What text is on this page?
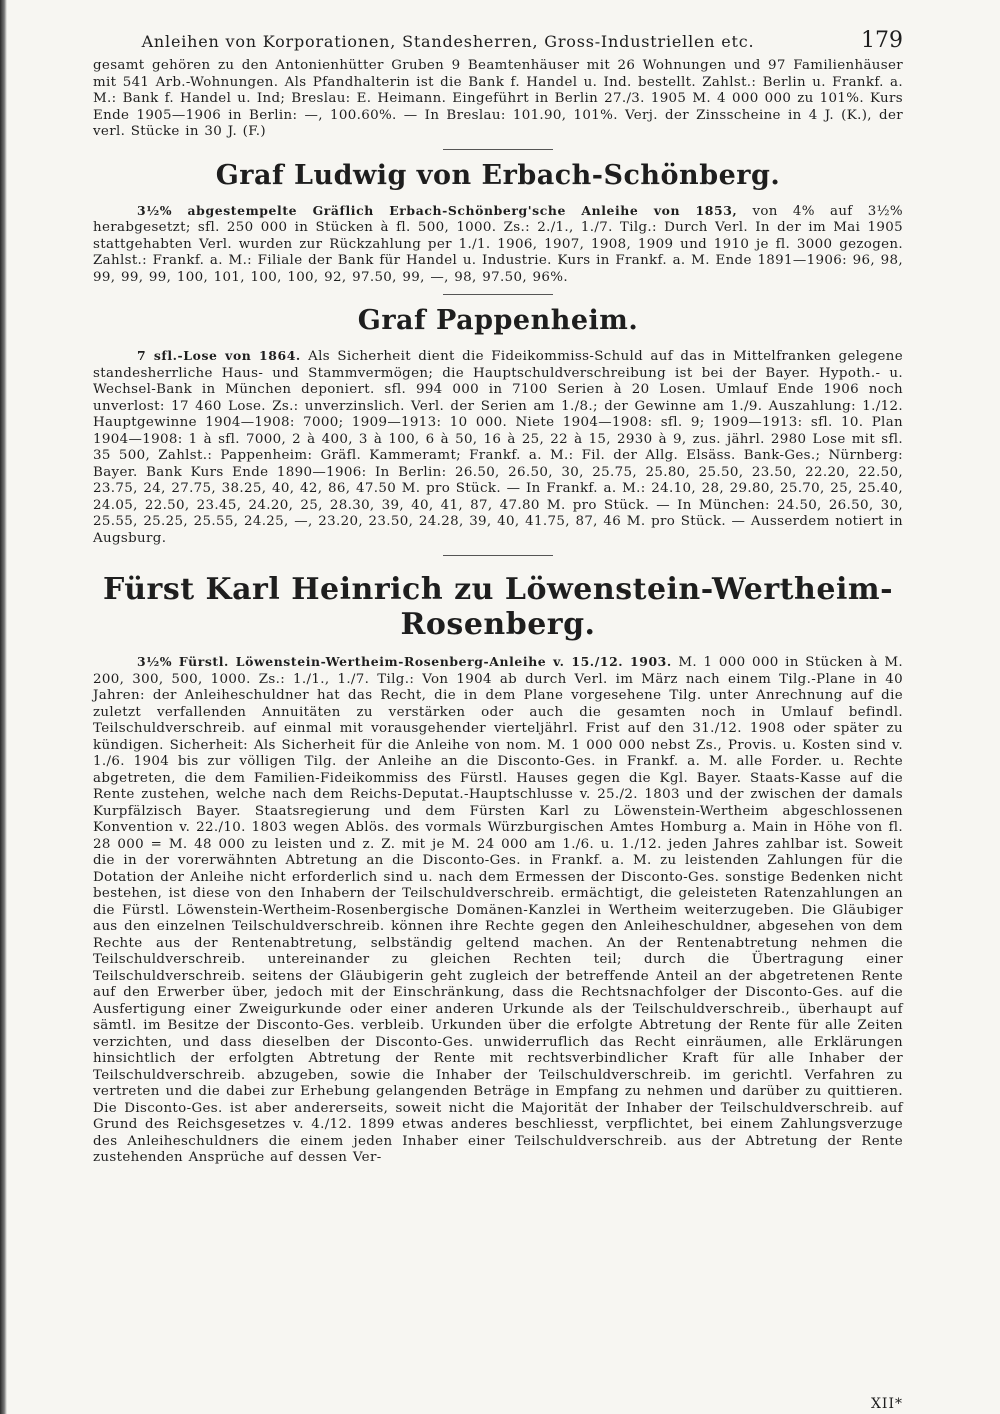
Anleihen von Korporationen, Standesherren, Gross-Industriellen etc.	179

gesamt gehören zu den Antonienhütter Gruben 9 Beamtenhäuser mit 26 Wohnungen und 97 Familienhäuser mit 541 Arb.-Wohnungen. Als Pfandhalterin ist die Bank f. Handel u. Ind. bestellt. Zahlst.: Berlin u. Frankf. a. M.: Bank f. Handel u. Ind; Breslau: E. Heimann. Eingeführt in Berlin 27./3. 1905 M. 4 000 000 zu 101%. Kurs Ende 1905—1906 in Berlin: —, 100.60%. — In Breslau: 101.90, 101%. Verj. der Zinsscheine in 4 J. (K.), der verl. Stücke in 30 J. (F.)

Graf Ludwig von Erbach-Schönberg.
3½% abgestempelte Gräflich Erbach-Schönberg'sche Anleihe von 1853, von 4% auf 3½% herabgesetzt; sfl. 250 000 in Stücken à fl. 500, 1000. Zs.: 2./1., 1./7. Tilg.: Durch Verl. In der im Mai 1905 stattgehabten Verl. wurden zur Rückzahlung per 1./1. 1906, 1907, 1908, 1909 und 1910 je fl. 3000 gezogen. Zahlst.: Frankf. a. M.: Filiale der Bank für Handel u. Industrie. Kurs in Frankf. a. M. Ende 1891—1906: 96, 98, 99, 99, 99, 100, 101, 100, 100, 92, 97.50, 99, —, 98, 97.50, 96%.
Graf Pappenheim.
7 sfl.-Lose von 1864. Als Sicherheit dient die Fideikommiss-Schuld auf das in Mittelfranken gelegene standesherrliche Haus- und Stammvermögen; die Hauptschuldverschreibung ist bei der Bayer. Hypoth.- u. Wechsel-Bank in München deponiert. sfl. 994 000 in 7100 Serien à 20 Losen. Umlauf Ende 1906 noch unverlost: 17 460 Lose. Zs.: unverzinslich. Verl. der Serien am 1./8.; der Gewinne am 1./9. Auszahlung: 1./12. Hauptgewinne 1904—1908: 7000; 1909—1913: 10 000. Niete 1904—1908: sfl. 9; 1909—1913: sfl. 10. Plan 1904—1908: 1 à sfl. 7000, 2 à 400, 3 à 100, 6 à 50, 16 à 25, 22 à 15, 2930 à 9, zus. jährl. 2980 Lose mit sfl. 35 500, Zahlst.: Pappenheim: Gräfl. Kammeramt; Frankf. a. M.: Fil. der Allg. Elsäss. Bank-Ges.; Nürnberg: Bayer. Bank Kurs Ende 1890—1906: In Berlin: 26.50, 26.50, 30, 25.75, 25.80, 25.50, 23.50, 22.20, 22.50, 23.75, 24, 27.75, 38.25, 40, 42, 86, 47.50 M. pro Stück. — In Frankf. a. M.: 24.10, 28, 29.80, 25.70, 25, 25.40, 24.05, 22.50, 23.45, 24.20, 25, 28.30, 39, 40, 41, 87, 47.80 M. pro Stück. — In München: 24.50, 26.50, 30, 25.55, 25.25, 25.55, 24.25, —, 23.20, 23.50, 24.28, 39, 40, 41.75, 87, 46 M. pro Stück. — Ausserdem notiert in Augsburg.
Fürst Karl Heinrich zu Löwenstein-Wertheim-Rosenberg.
3½% Fürstl. Löwenstein-Wertheim-Rosenberg-Anleihe v. 15./12. 1903. M. 1 000 000 in Stücken à M. 200, 300, 500, 1000. Zs.: 1./1., 1./7. Tilg.: Von 1904 ab durch Verl. im März nach einem Tilg.-Plane in 40 Jahren: der Anleiheschuldner hat das Recht, die in dem Plane vorgesehene Tilg. unter Anrechnung auf die zuletzt verfallenden Annuitäten zu verstärken oder auch die gesamten noch in Umlauf befindl. Teilschuldverschreib. auf einmal mit vorausgehender vierteljährl. Frist auf den 31./12. 1908 oder später zu kündigen. Sicherheit: Als Sicherheit für die Anleihe von nom. M. 1 000 000 nebst Zs., Provis. u. Kosten sind v. 1./6. 1904 bis zur völligen Tilg. der Anleihe an die Disconto-Ges. in Frankf. a. M. alle Forder. u. Rechte abgetreten, die dem Familien-Fideikommiss des Fürstl. Hauses gegen die Kgl. Bayer. Staats-Kasse auf die Rente zustehen, welche nach dem Reichs-Deputat.-Hauptschlusse v. 25./2. 1803 und der zwischen der damals Kurpfälzisch Bayer. Staatsregierung und dem Fürsten Karl zu Löwenstein-Wertheim abgeschlossenen Konvention v. 22./10. 1803 wegen Ablös. des vormals Würzburgischen Amtes Homburg a. Main in Höhe von fl. 28 000 = M. 48 000 zu leisten und z. Z. mit je M. 24 000 am 1./6. u. 1./12. jeden Jahres zahlbar ist. Soweit die in der vorerwähnten Abtretung an die Disconto-Ges. in Frankf. a. M. zu leistenden Zahlungen für die Dotation der Anleihe nicht erforderlich sind u. nach dem Ermessen der Disconto-Ges. sonstige Bedenken nicht bestehen, ist diese von den Inhabern der Teilschuldverschreib. ermächtigt, die geleisteten Ratenzahlungen an die Fürstl. Löwenstein-Wertheim-Rosenbergische Domänen-Kanzlei in Wertheim weiterzugeben. Die Gläubiger aus den einzelnen Teilschuldverschreib. können ihre Rechte gegen den Anleiheschuldner, abgesehen von dem Rechte aus der Rentenabtretung, selbständig geltend machen. An der Rentenabtretung nehmen die Teilschuldverschreib. untereinander zu gleichen Rechten teil; durch die Übertragung einer Teilschuldverschreib. seitens der Gläubigerin geht zugleich der betreffende Anteil an der abgetretenen Rente auf den Erwerber über, jedoch mit der Einschränkung, dass die Rechtsnachfolger der Disconto-Ges. auf die Ausfertigung einer Zweigurkunde oder einer anderen Urkunde als der Teilschuldverschreib., überhaupt auf sämtl. im Besitze der Disconto-Ges. verbleib. Urkunden über die erfolgte Abtretung der Rente für alle Zeiten verzichten, und dass dieselben der Disconto-Ges. unwiderruflich das Recht einräumen, alle Erklärungen hinsichtlich der erfolgten Abtretung der Rente mit rechtsverbindlicher Kraft für alle Inhaber der Teilschuldverschreib. abzugeben, sowie die Inhaber der Teilschuldverschreib. im gerichtl. Verfahren zu vertreten und die dabei zur Erhebung gelangenden Beträge in Empfang zu nehmen und darüber zu quittieren. Die Disconto-Ges. ist aber andererseits, soweit nicht die Majorität der Inhaber der Teilschuldverschreib. auf Grund des Reichsgesetzes v. 4./12. 1899 etwas anderes beschliesst, verpflichtet, bei einem Zahlungsverzuge des Anleiheschuldners die einem jeden Inhaber einer Teilschuldverschreib. aus der Abtretung der Rente zustehenden Ansprüche auf dessen Ver-
XII*
